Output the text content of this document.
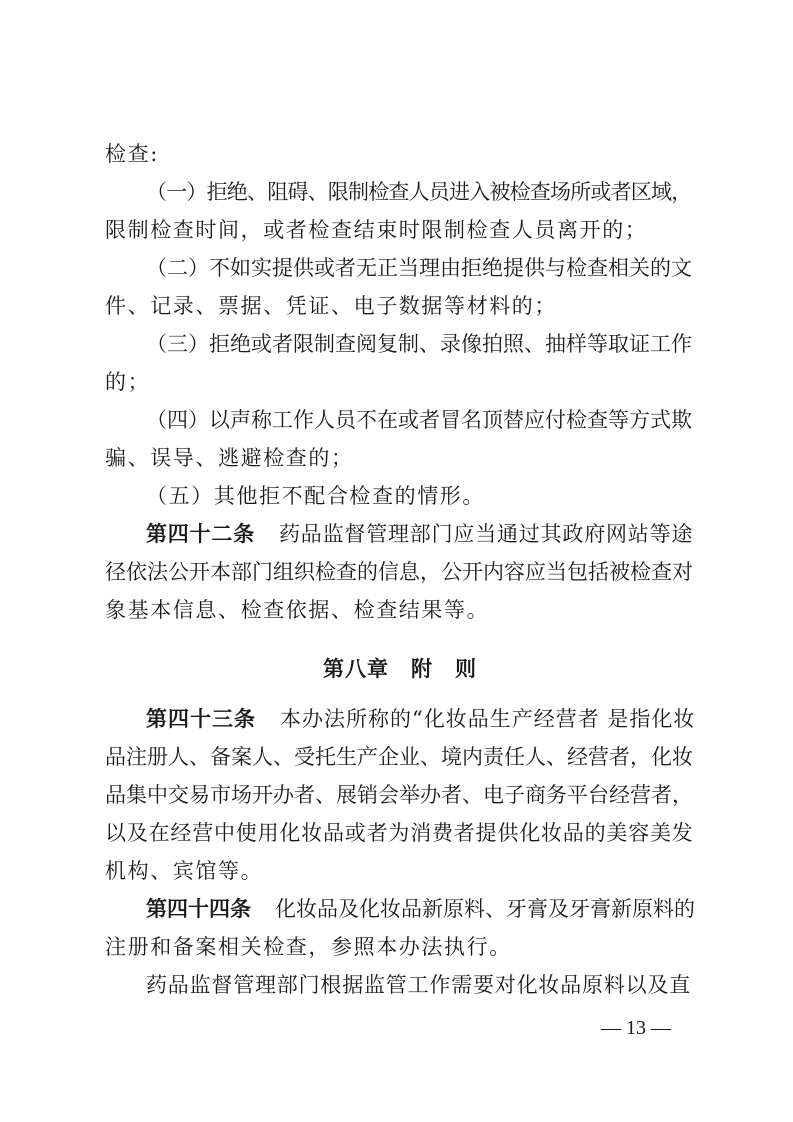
检查:
（一）拒绝、阻碍、限制检查人员进入被检查场所或者区域，
限制检查时间，或者检查结束时限制检查人员离开的；
（二）不如实提供或者无正当理由拒绝提供与检查相关的文
件、记录、票据、凭证、电子数据等材料的；
（三）拒绝或者限制查阅复制、录像拍照、抽样等取证工作
的；
（四）以声称工作人员不在或者冒名顶替应付检查等方式欺
骗、误导、逃避检查的；
（五）其他拒不配合检查的情形。
第四十二条 药品监督管理部门应当通过其政府网站等途
径依法公开本部门组织检查的信息，公开内容应当包括被检查对
象基本信息、检查依据、检查结果等。
第八章　附　则
第四十三条 本办法所称的“化妆品生产经营者 是指化妆
品注册人、备案人、受托生产企业、境内责任人、经营者，化妆
品集中交易市场开办者、展销会举办者、电子商务平台经营者，
以及在经营中使用化妆品或者为消费者提供化妆品的美容美发
机构、宾馆等。
第四十四条 化妆品及化妆品新原料、牙膏及牙膏新原料的
注册和备案相关检查，参照本办法执行。
药品监督管理部门根据监管工作需要对化妆品原料以及直
— 13 —
